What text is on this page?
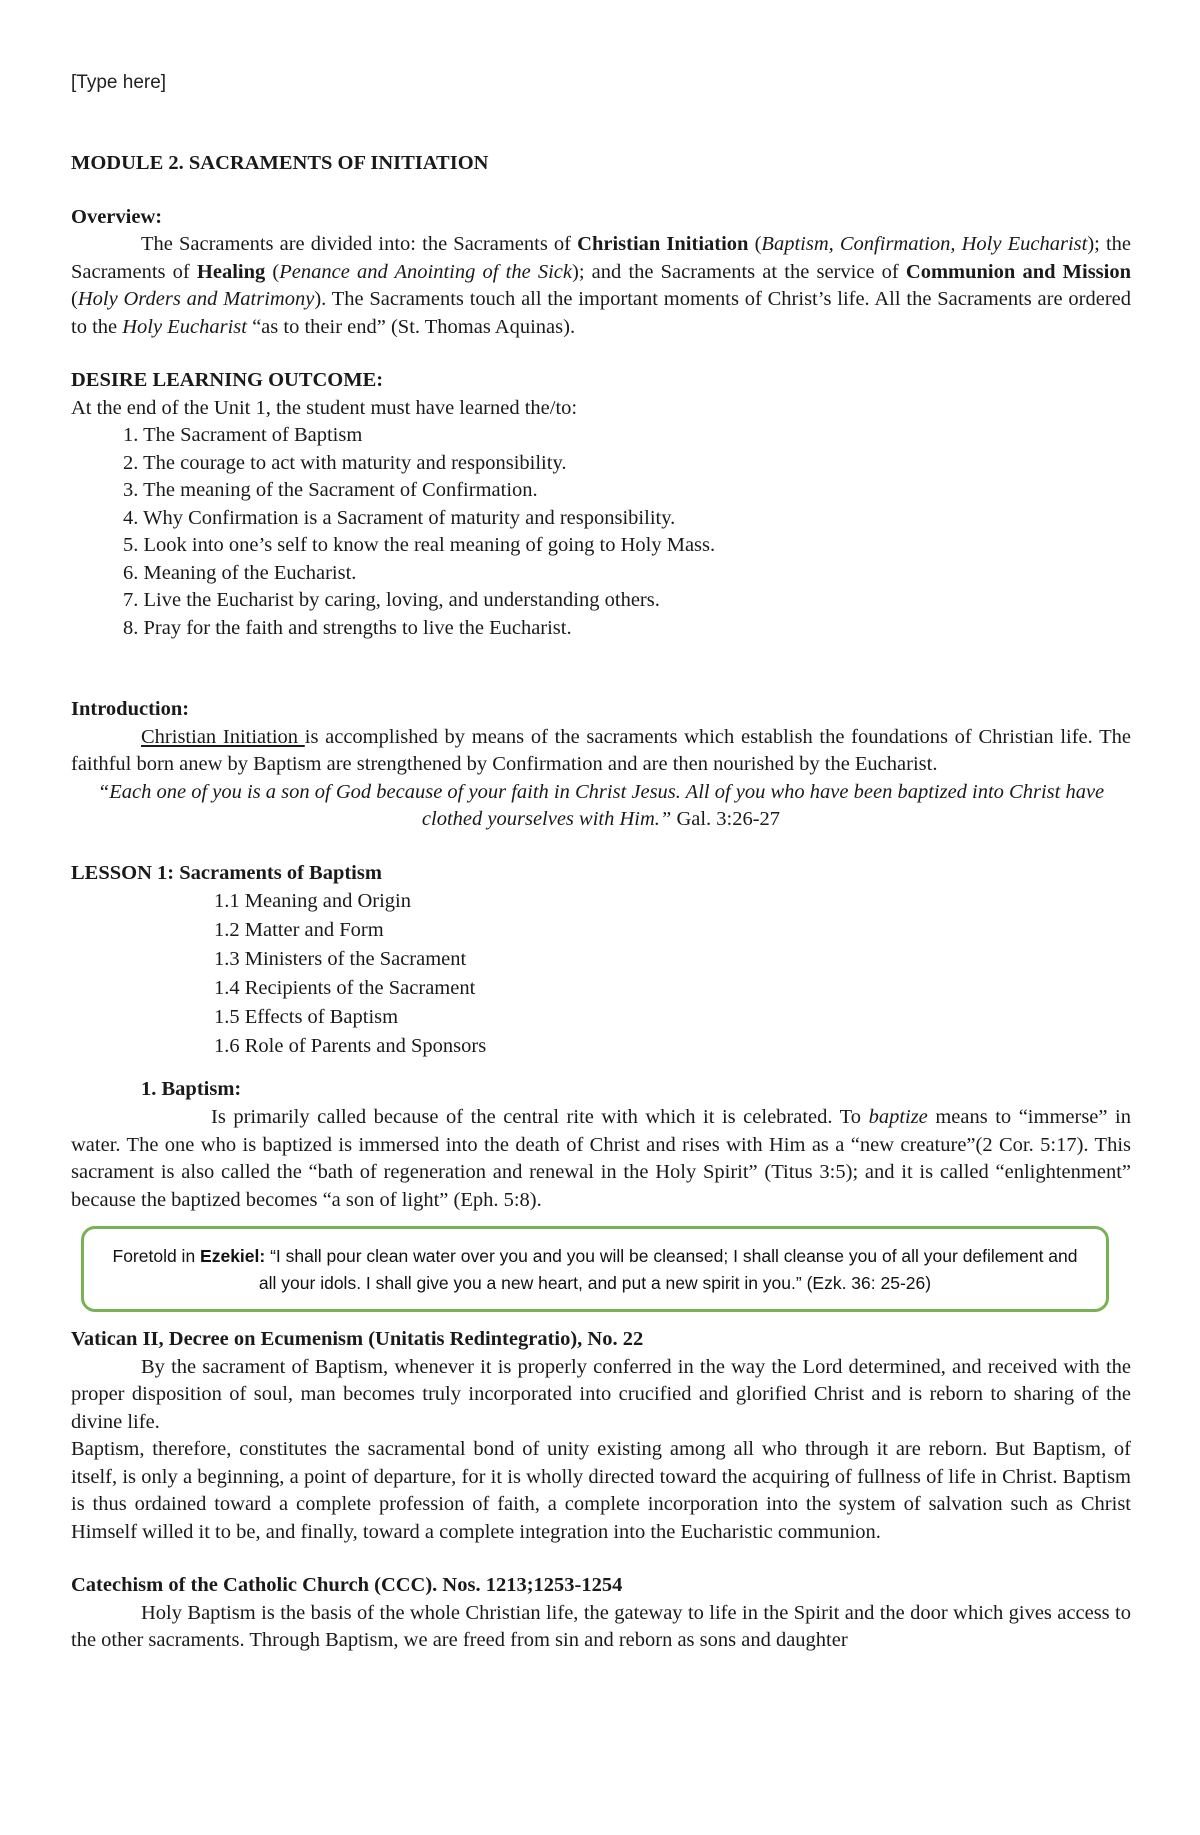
[Type here]
MODULE 2. SACRAMENTS OF INITIATION
Overview:

The Sacraments are divided into: the Sacraments of Christian Initiation (Baptism, Confirmation, Holy Eucharist); the Sacraments of Healing (Penance and Anointing of the Sick); and the Sacraments at the service of Communion and Mission (Holy Orders and Matrimony). The Sacraments touch all the important moments of Christ’s life. All the Sacraments are ordered to the Holy Eucharist “as to their end” (St. Thomas Aquinas).

DESIRE LEARNING OUTCOME:
At the end of the Unit 1, the student must have learned the/to:
1. The Sacrament of Baptism
2. The courage to act with maturity and responsibility.
3. The meaning of the Sacrament of Confirmation.
4. Why Confirmation is a Sacrament of maturity and responsibility.
5. Look into one’s self to know the real meaning of going to Holy Mass.
6. Meaning of the Eucharist.
7. Live the Eucharist by caring, loving, and understanding others.
8. Pray for the faith and strengths to live the Eucharist.
Introduction:

Christian Initiation is accomplished by means of the sacraments which establish the foundations of Christian life. The faithful born anew by Baptism are strengthened by Confirmation and are then nourished by the Eucharist.

“Each one of you is a son of God because of your faith in Christ Jesus. All of you who have been baptized into Christ have clothed yourselves with Him.” Gal. 3:26-27

LESSON 1: Sacraments of Baptism
1.1 Meaning and Origin
1.2 Matter and Form
1.3 Ministers of the Sacrament
1.4 Recipients of the Sacrament
1.5 Effects of Baptism
1.6 Role of Parents and Sponsors
1. Baptism:

Is primarily called because of the central rite with which it is celebrated. To baptize means to “immerse” in water. The one who is baptized is immersed into the death of Christ and rises with Him as a “new creature”(2 Cor. 5:17). This sacrament is also called the “bath of regeneration and renewal in the Holy Spirit” (Titus 3:5); and it is called “enlightenment” because the baptized becomes “a son of light” (Eph. 5:8).

Foretold in Ezekiel: “I shall pour clean water over you and you will be cleansed; I shall cleanse you of all your defilement and all your idols. I shall give you a new heart, and put a new spirit in you.” (Ezk. 36: 25-26)
Vatican II, Decree on Ecumenism (Unitatis Redintegratio), No. 22

By the sacrament of Baptism, whenever it is properly conferred in the way the Lord determined, and received with the proper disposition of soul, man becomes truly incorporated into crucified and glorified Christ and is reborn to sharing of the divine life.

Baptism, therefore, constitutes the sacramental bond of unity existing among all who through it are reborn. But Baptism, of itself, is only a beginning, a point of departure, for it is wholly directed toward the acquiring of fullness of life in Christ. Baptism is thus ordained toward a complete profession of faith, a complete incorporation into the system of salvation such as Christ Himself willed it to be, and finally, toward a complete integration into the Eucharistic communion.

Catechism of the Catholic Church (CCC). Nos. 1213;1253-1254

Holy Baptism is the basis of the whole Christian life, the gateway to life in the Spirit and the door which gives access to the other sacraments. Through Baptism, we are freed from sin and reborn as sons and daughter
